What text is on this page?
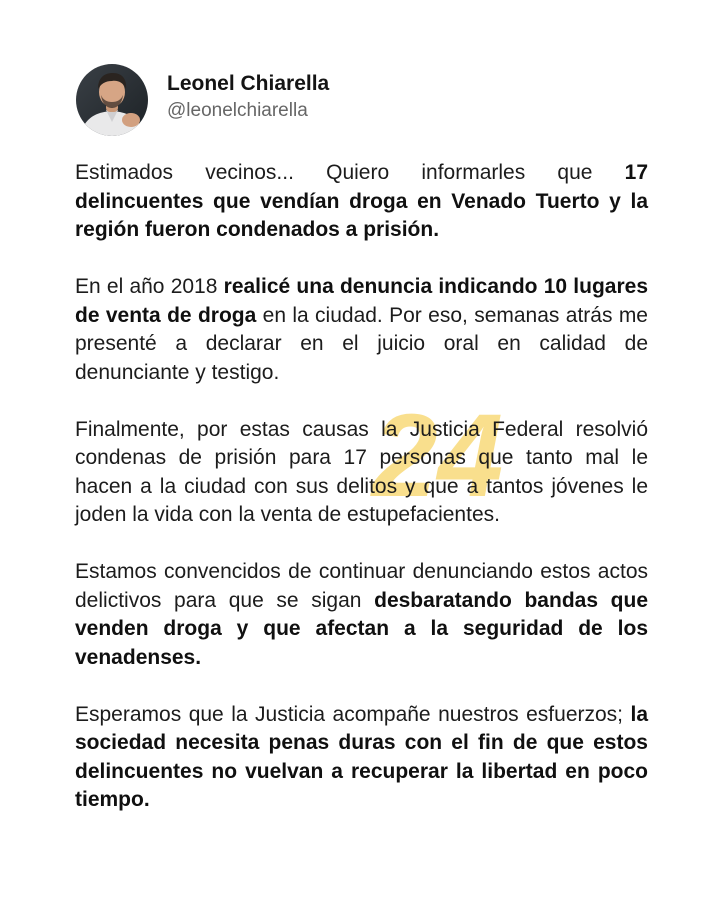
Leonel Chiarella
@leonelchiarella
24

Estimados vecinos... Quiero informarles que 17 delincuentes que vendían droga en Venado Tuerto y la región fueron condenados a prisión.

En el año 2018 realicé una denuncia indicando 10 lugares de venta de droga en la ciudad. Por eso, semanas atrás me presenté a declarar en el juicio oral en calidad de denunciante y testigo.

Finalmente, por estas causas la Justicia Federal resolvió condenas de prisión para 17 personas que tanto mal le hacen a la ciudad con sus delitos y que a tantos jóvenes le joden la vida con la venta de estupefacientes.

Estamos convencidos de continuar denunciando estos actos delictivos para que se sigan desbaratando bandas que venden droga y que afectan a la seguridad de los venadenses.

Esperamos que la Justicia acompañe nuestros esfuerzos; la sociedad necesita penas duras con el fin de que estos delincuentes no vuelvan a recuperar la libertad en poco tiempo.
